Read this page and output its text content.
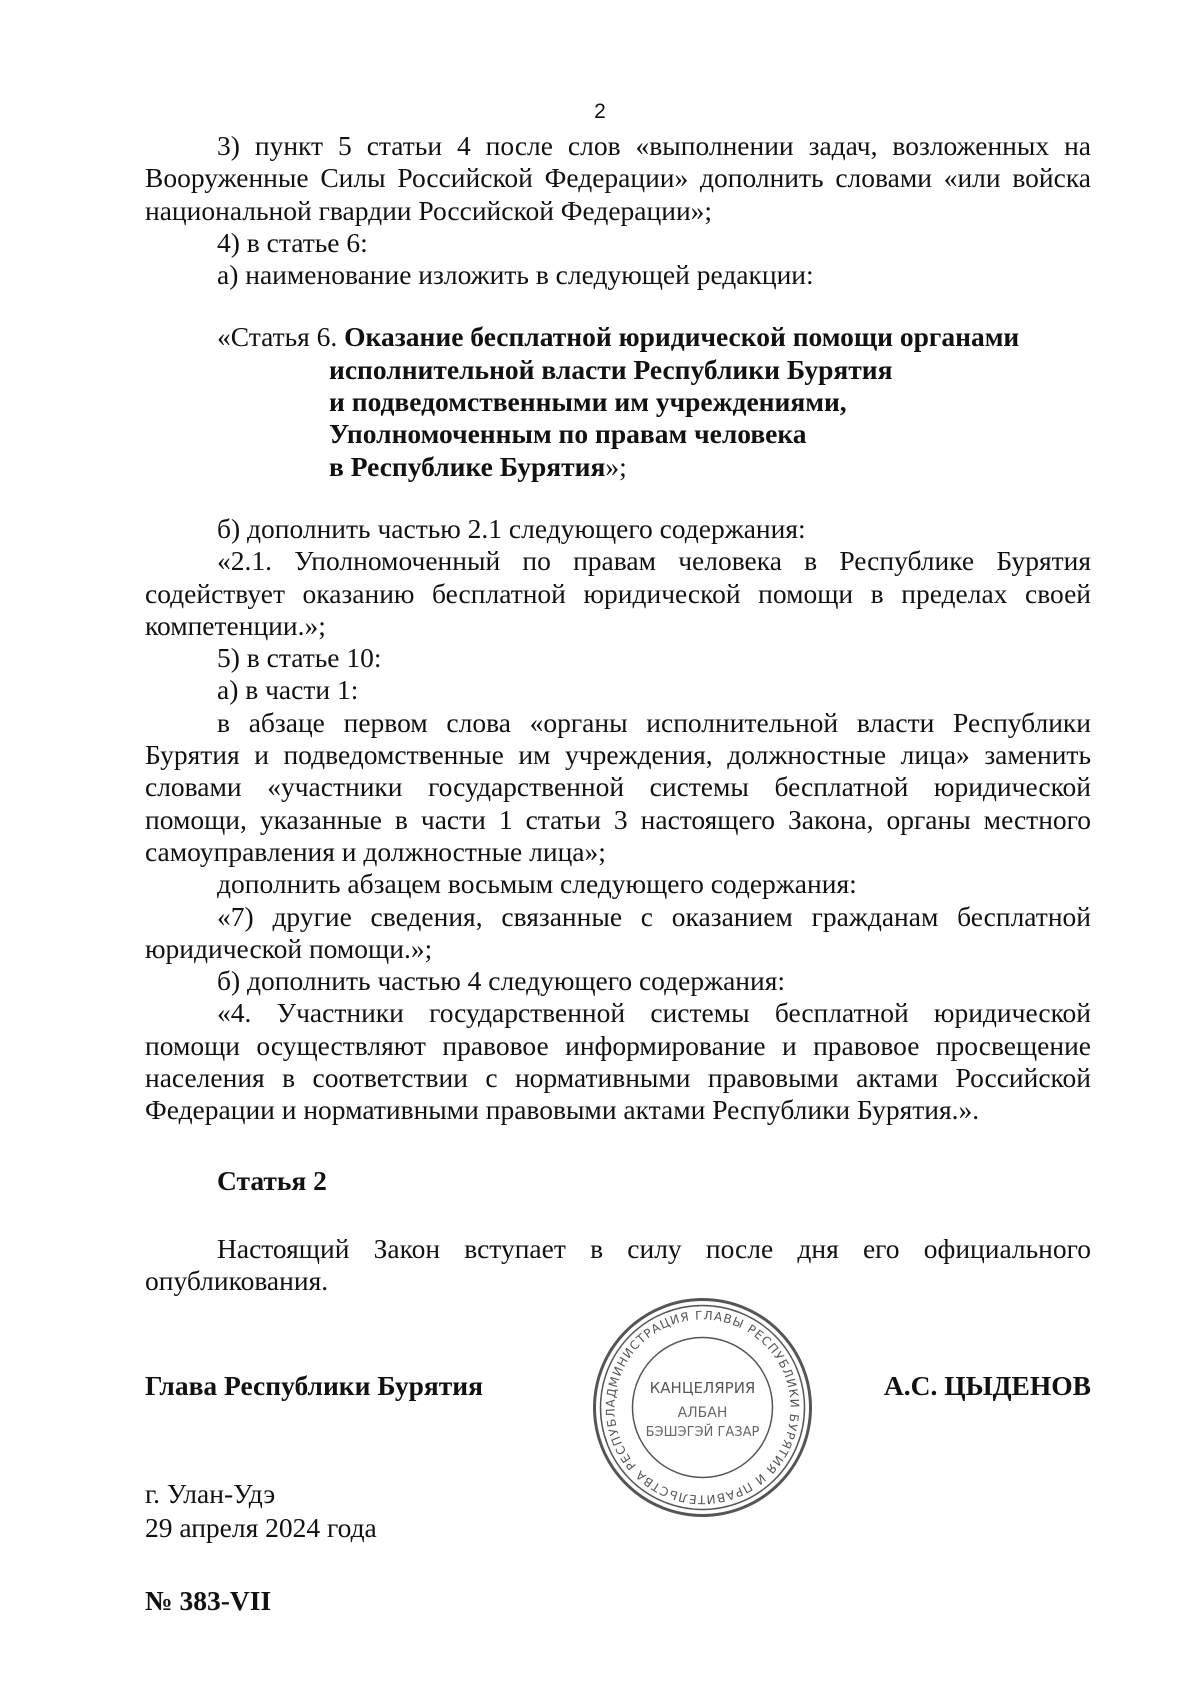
2

3) пункт 5 статьи 4 после слов «выполнении задач, возложенных на Вооруженные Силы Российской Федерации» дополнить словами «или войска национальной гвардии Российской Федерации»;

4) в статье 6:

а) наименование изложить в следующей редакции:

«Статья 6. Оказание бесплатной юридической помощи органами
исполнительной власти Республики Бурятия
и подведомственными им учреждениями,
Уполномоченным по правам человека
в Республике Бурятия»;

б) дополнить частью 2.1 следующего содержания:

«2.1. Уполномоченный по правам человека в Республике Бурятия содействует оказанию бесплатной юридической помощи в пределах своей компетенции.»;

5) в статье 10:

а) в части 1:

в абзаце первом слова «органы исполнительной власти Республики Бурятия и подведомственные им учреждения, должностные лица» заменить словами «участники государственной системы бесплатной юридической помощи, указанные в части 1 статьи 3 настоящего Закона, органы местного самоуправления и должностные лица»;

дополнить абзацем восьмым следующего содержания:

«7) другие сведения, связанные с оказанием гражданам бесплатной юридической помощи.»;

б) дополнить частью 4 следующего содержания:

«4. Участники государственной системы бесплатной юридической помощи осуществляют правовое информирование и правовое просвещение населения в соответствии с нормативными правовыми актами Российской Федерации и нормативными правовыми актами Республики Бурятия.».

Статья 2

Настоящий Закон вступает в силу после дня его официального опубликования.

АДМИНИСТРАЦИЯ ГЛАВЫ РЕСПУБЛИКИ БУРЯТИЯ И ПРАВИТЕЛЬСТВА РЕСПУБЛ
КАНЦЕЛЯРИЯ
АЛБАН
БЭШЭГЭЙ ГАЗАР
Глава Республики Бурятия	А.С. ЦЫДЕНОВ
г. Улан-Удэ
29 апреля 2024 года
№ 383-VII
